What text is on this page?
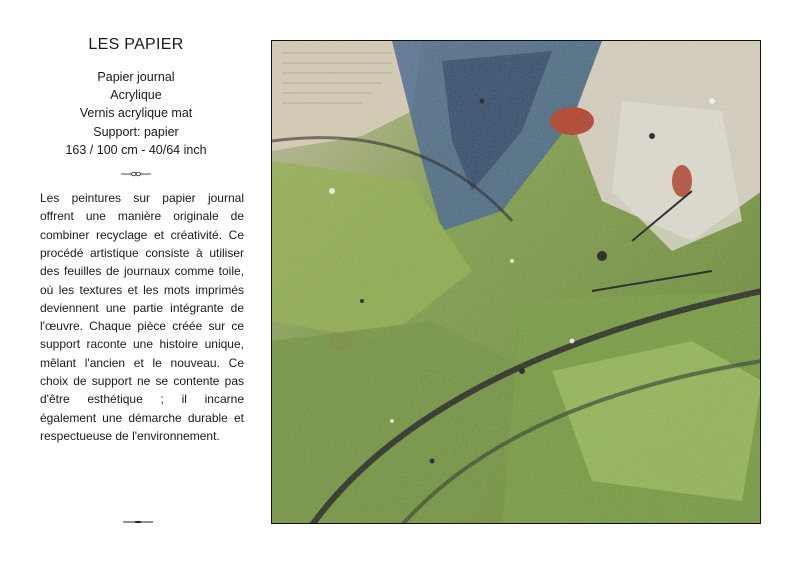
LES PAPIER
Papier journal
Acrylique
Vernis acrylique mat
Support: papier
163 / 100 cm - 40/64 inch

Les peintures sur papier journal offrent une manière originale de combiner recyclage et créativité. Ce procédé artistique consiste à utiliser des feuilles de journaux comme toile, où les textures et les mots imprimés deviennent une partie intégrante de l'œuvre. Chaque pièce créée sur ce support raconte une histoire unique, mêlant l'ancien et le nouveau. Ce choix de support ne se contente pas d'être esthétique ; il incarne également une démarche durable et respectueuse de l'environnement.
